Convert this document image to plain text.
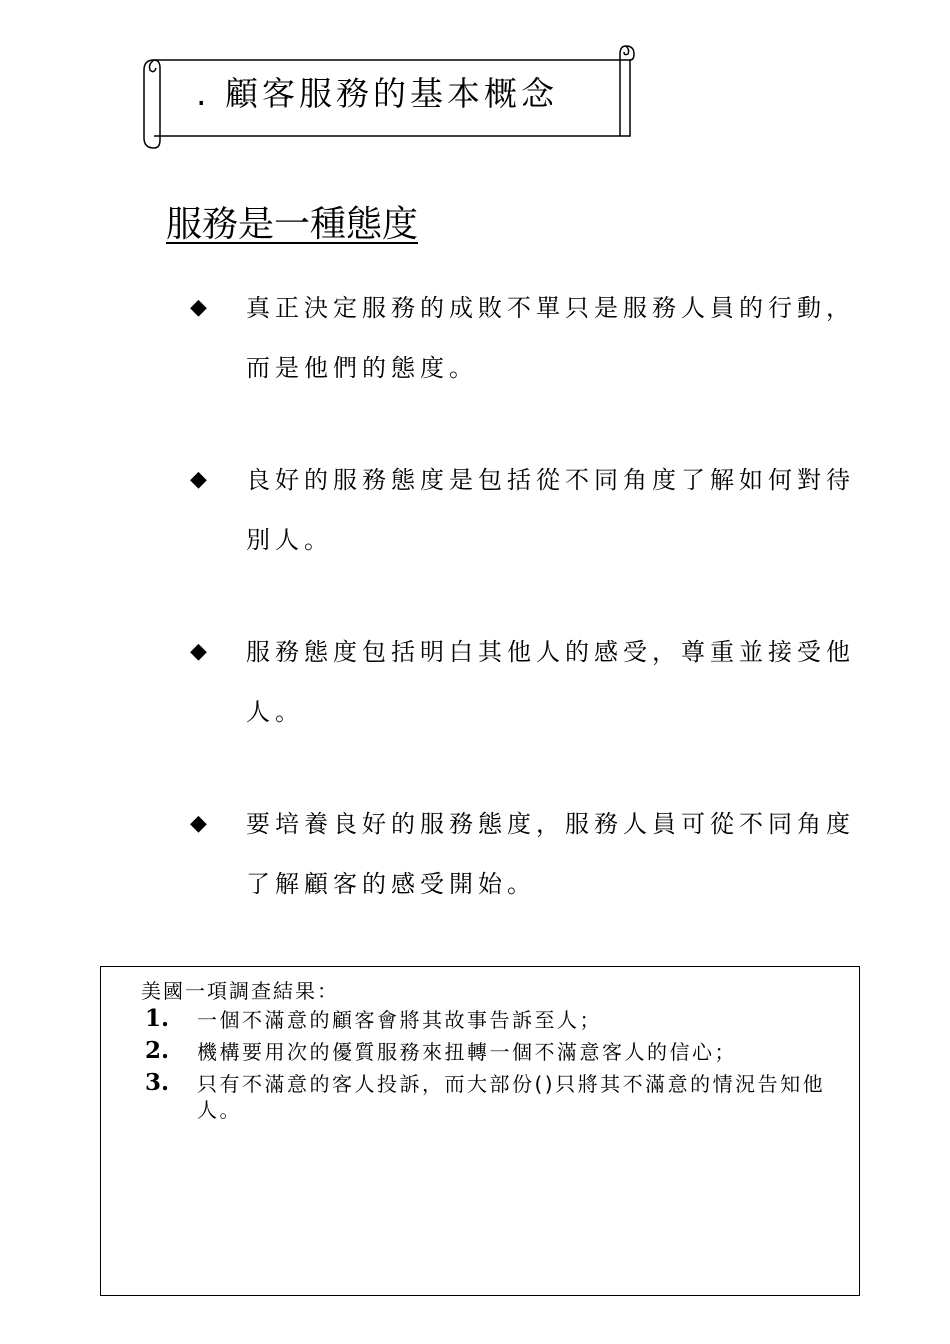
. 顧客服務的基本概念
服務是一種態度
◆ 真正決定服務的成敗不單只是服務人員的行動，而是他們的態度。
◆ 良好的服務態度是包括從不同角度了解如何對待別人。
◆ 服務態度包括明白其他人的感受，尊重並接受他人。
◆ 要培養良好的服務態度，服務人員可從不同角度了解顧客的感受開始。
美國一項調查結果：
1. 一個不滿意的顧客會將其故事告訴至人；
2. 機構要用次的優質服務來扭轉一個不滿意客人的信心；
3. 只有不滿意的客人投訴，而大部份()只將其不滿意的情況告知他人。
